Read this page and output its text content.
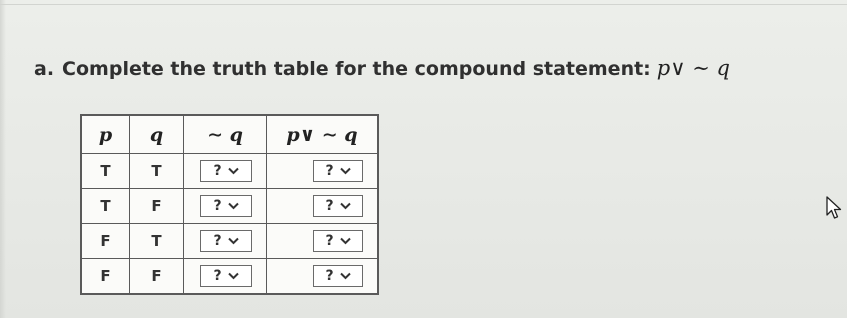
a. Complete the truth table for the compound statement: p∨ ∼ q
p	q	∼ q	p∨ ∼ q
T	T	?	?

T	F	?	?

F	T	?	?

F	F	?	?
